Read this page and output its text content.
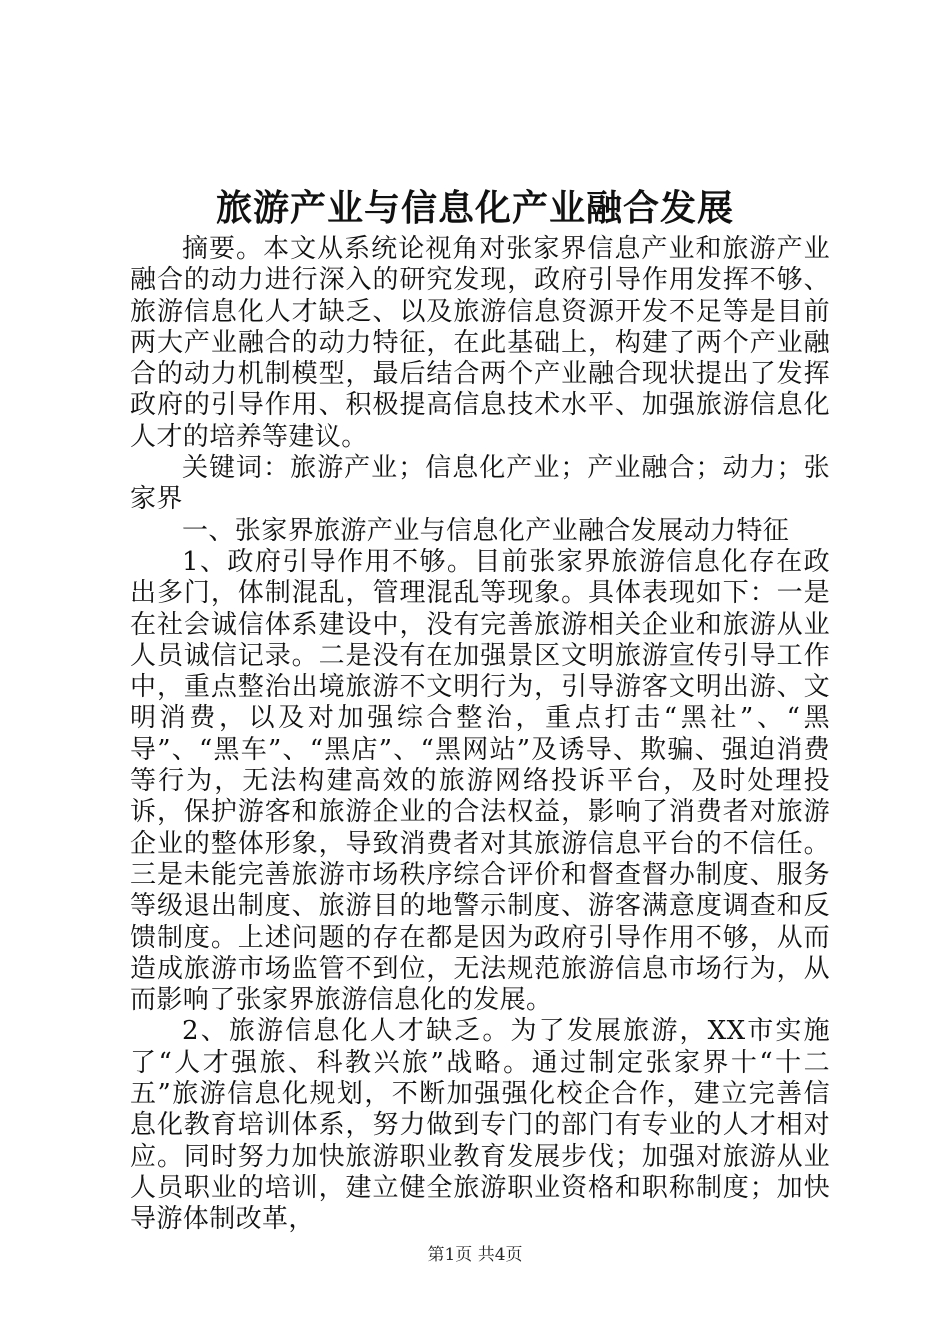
旅游产业与信息化产业融合发展

摘要。本文从系统论视角对张家界信息产业和旅游产业融合的动力进行深入的研究发现，政府引导作用发挥不够、旅游信息化人才缺乏、以及旅游信息资源开发不足等是目前两大产业融合的动力特征，在此基础上，构建了两个产业融合的动力机制模型，最后结合两个产业融合现状提出了发挥政府的引导作用、积极提高信息技术水平、加强旅游信息化人才的培养等建议。

关键词：旅游产业；信息化产业；产业融合；动力；张家界

一、张家界旅游产业与信息化产业融合发展动力特征

1、政府引导作用不够。目前张家界旅游信息化存在政出多门，体制混乱，管理混乱等现象。具体表现如下：一是在社会诚信体系建设中，没有完善旅游相关企业和旅游从业人员诚信记录。二是没有在加强景区文明旅游宣传引导工作中，重点整治出境旅游不文明行为，引导游客文明出游、文明消费，以及对加强综合整治，重点打击“黑社”、“黑导”、“黑车”、“黑店”、“黑网站”及诱导、欺骗、强迫消费等行为，无法构建高效的旅游网络投诉平台，及时处理投诉，保护游客和旅游企业的合法权益，影响了消费者对旅游企业的整体形象，导致消费者对其旅游信息平台的不信任。三是未能完善旅游市场秩序综合评价和督查督办制度、服务等级退出制度、旅游目的地警示制度、游客满意度调查和反馈制度。上述问题的存在都是因为政府引导作用不够，从而造成旅游市场监管不到位，无法规范旅游信息市场行为，从而影响了张家界旅游信息化的发展。

2、旅游信息化人才缺乏。为了发展旅游，XX市实施了“人才强旅、科教兴旅”战略。通过制定张家界十“十二五”旅游信息化规划，不断加强强化校企合作，建立完善信息化教育培训体系，努力做到专门的部门有专业的人才相对应。同时努力加快旅游职业教育发展步伐；加强对旅游从业人员职业的培训，建立健全旅游职业资格和职称制度；加快导游体制改革，

第1页 共4页
